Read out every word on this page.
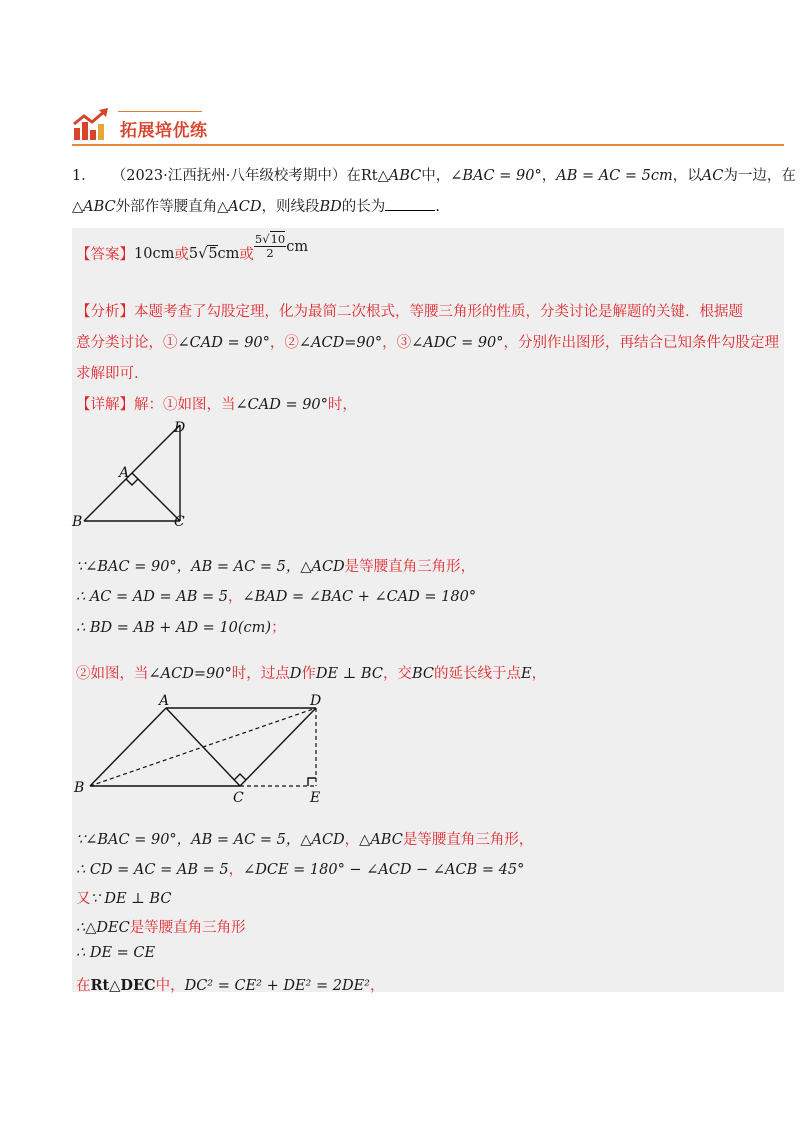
拓展培优练
1． （2023·江西抚州·八年级校考期中）在Rt△ABC中，∠BAC = 90°，AB = AC = 5cm，以AC为一边，在
△ABC外部作等腰直角△ACD，则线段BD的长为	.
【答案】 10cm 或 5 √ 5 cm 或 $\frac{5√10}{2}$ cm
【分析】本题考查了勾股定理，化为最简二次根式，等腰三角形的性质，分类讨论是解题的关键．根据题
意分类讨论，①∠CAD = 90°，②∠ACD=90°，③∠ADC = 90°，分别作出图形，再结合已知条件勾股定理
求解即可.
【详解】解：①如图，当∠CAD = 90°时，
D
A
B	C
∵∠BAC = 90°，AB = AC = 5，△ACD是等腰直角三角形，
∴ AC = AD = AB = 5，∠BAD = ∠BAC + ∠CAD = 180°
∴ BD = AB + AD = 10(cm)；
②如图，当∠ACD=90°时，过点D作DE ⊥ BC，交BC的延长线于点E，
A	D
B
C	E
∵∠BAC = 90°，AB = AC = 5，△ACD，△ABC是等腰直角三角形，
∴ CD = AC = AB = 5，∠DCE = 180° − ∠ACD − ∠ACB = 45°
又∵ DE ⊥ BC
∴△DEC是等腰直角三角形
∴ DE = CE
在Rt△DEC中，DC² = CE² + DE² = 2DE²，
